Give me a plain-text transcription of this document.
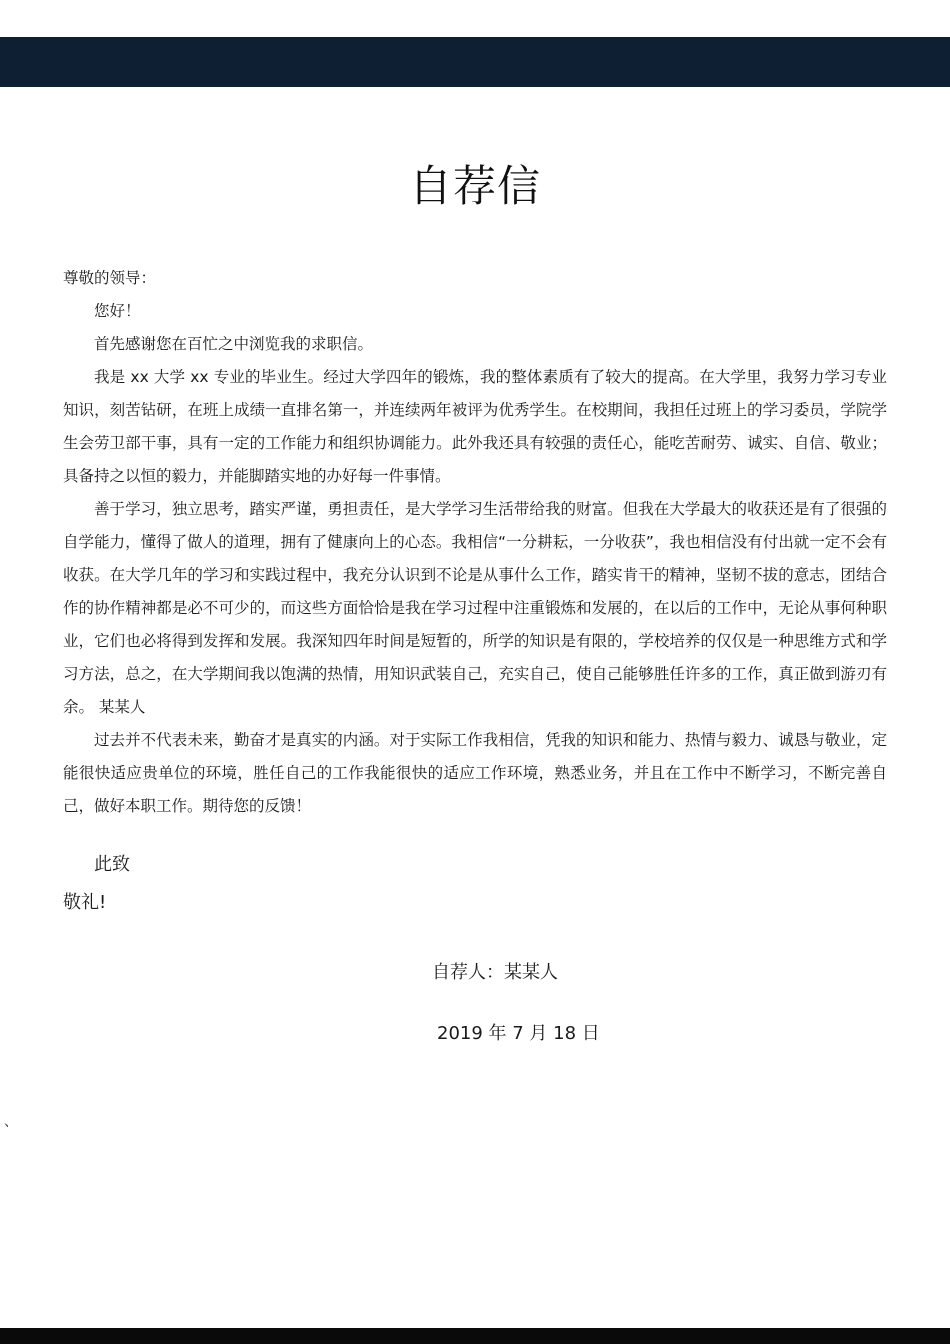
自荐信

尊敬的领导：

您好！

首先感谢您在百忙之中浏览我的求职信。

我是 xx 大学 xx 专业的毕业生。经过大学四年的锻炼，我的整体素质有了较大的提高。在大学里，我努力学习专业知识，刻苦钻研，在班上成绩一直排名第一，并连续两年被评为优秀学生。在校期间，我担任过班上的学习委员，学院学生会劳卫部干事，具有一定的工作能力和组织协调能力。此外我还具有较强的责任心，能吃苦耐劳、诚实、自信、敬业；具备持之以恒的毅力，并能脚踏实地的办好每一件事情。

善于学习，独立思考，踏实严谨，勇担责任，是大学学习生活带给我的财富。但我在大学最大的收获还是有了很强的自学能力，懂得了做人的道理，拥有了健康向上的心态。我相信“一分耕耘，一分收获”，我也相信没有付出就一定不会有收获。在大学几年的学习和实践过程中，我充分认识到不论是从事什么工作，踏实肯干的精神，坚韧不拔的意志，团结合作的协作精神都是必不可少的，而这些方面恰恰是我在学习过程中注重锻炼和发展的，在以后的工作中，无论从事何种职业，它们也必将得到发挥和发展。我深知四年时间是短暂的，所学的知识是有限的，学校培养的仅仅是一种思维方式和学习方法，总之，在大学期间我以饱满的热情，用知识武装自己，充实自己，使自己能够胜任许多的工作，真正做到游刃有余。 某某人

过去并不代表未来，勤奋才是真实的内涵。对于实际工作我相信，凭我的知识和能力、热情与毅力、诚恳与敬业，定能很快适应贵单位的环境，胜任自己的工作我能很快的适应工作环境，熟悉业务，并且在工作中不断学习，不断完善自己，做好本职工作。期待您的反馈！

此致
敬礼!
自荐人：某某人
2019 年 7 月 18 日
、
